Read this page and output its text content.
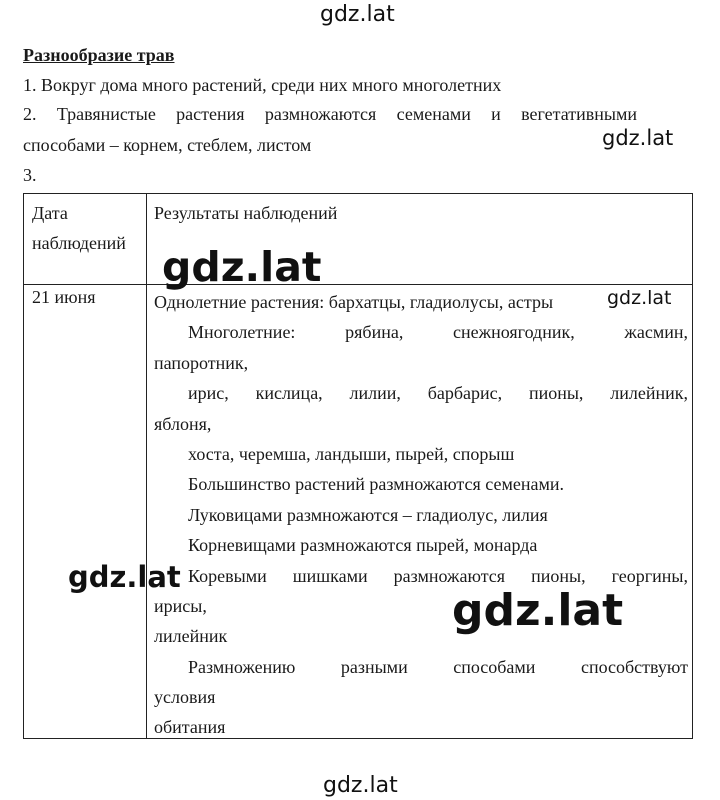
gdz.lat
Разнообразие трав
1. Вокруг дома много растений, среди них много многолетних
2. Травянистые растения размножаются семенами и вегетативными
способами – корнем, стеблем, листом
3.
gdz.lat
Дата
наблюдений
Результаты наблюдений
21 июня	Однолетние растения: бархатцы, гладиолусы, астры
Многолетние: рябина, снежноягодник, жасмин,
папоротник,
ирис, кислица, лилии, барбарис, пионы, лилейник,
яблоня,
хоста, черемша, ландыши, пырей, спорыш
Большинство растений размножаются семенами.
Луковицами размножаются – гладиолус, лилия
Корневищами размножаются пырей, монарда
Коревыми шишками размножаются пионы, георгины,
ирисы,
лилейник
Размножению разными способами способствуют
условия
обитания
gdz.lat
gdz.lat
gdz.lat
gdz.lat
gdz.lat
